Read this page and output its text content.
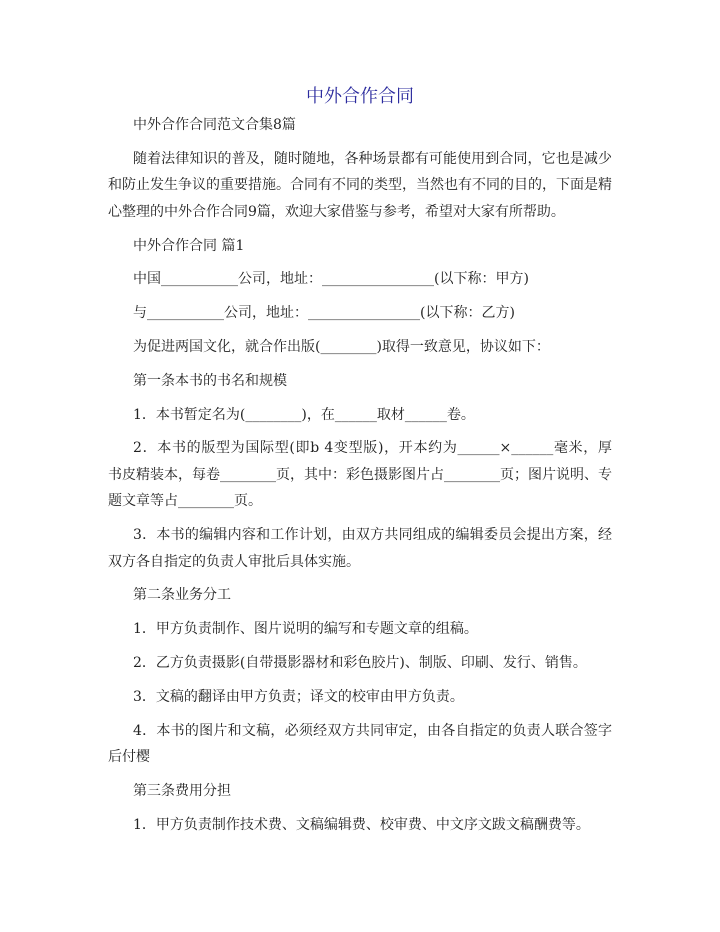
中外合作合同
中外合作合同范文合集8篇
随着法律知识的普及，随时随地，各种场景都有可能使用到合同，它也是减少
和防止发生争议的重要措施。合同有不同的类型，当然也有不同的目的，下面是精
心整理的中外合作合同9篇，欢迎大家借鉴与参考，希望对大家有所帮助。
中外合作合同 篇1
中国___________公司，地址：________________(以下称：甲方)
与___________公司，地址：________________(以下称：乙方)
为促进两国文化，就合作出版(________)取得一致意见，协议如下：
第一条本书的书名和规模
1．本书暂定名为(________)，在______取材______卷。
2．本书的版型为国际型(即b 4变型版)，开本约为______×______毫米，厚
书皮精装本，每卷________页，其中：彩色摄影图片占________页；图片说明、专
题文章等占________页。
3．本书的编辑内容和工作计划，由双方共同组成的编辑委员会提出方案，经
双方各自指定的负责人审批后具体实施。
第二条业务分工
1．甲方负责制作、图片说明的编写和专题文章的组稿。
2．乙方负责摄影(自带摄影器材和彩色胶片)、制版、印刷、发行、销售。
3．文稿的翻译由甲方负责；译文的校审由甲方负责。
4．本书的图片和文稿，必须经双方共同审定，由各自指定的负责人联合签字
后付樱
第三条费用分担
1．甲方负责制作技术费、文稿编辑费、校审费、中文序文跋文稿酬费等。
